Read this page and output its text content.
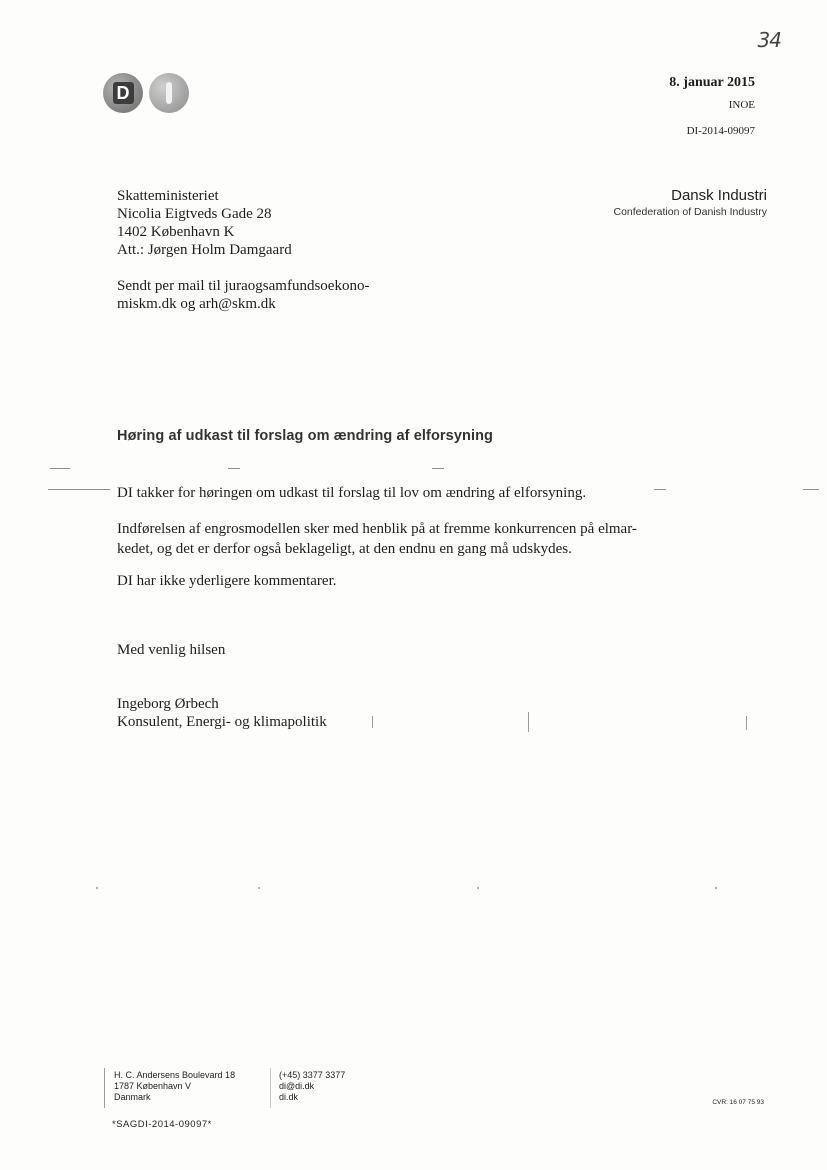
34
D
8. januar 2015
INOE
DI-2014-09097
Skatteministeriet
Nicolia Eigtveds Gade 28
1402 København K
Att.: Jørgen Holm Damgaard
Sendt per mail til juraogsamfundsoekono-
miskm.dk og arh@skm.dk
Dansk Industri
Confederation of Danish Industry
Høring af udkast til forslag om ændring af elforsyning
DI takker for høringen om udkast til forslag til lov om ændring af elforsyning.
Indførelsen af engrosmodellen sker med henblik på at fremme konkurrencen på elmar-
kedet, og det er derfor også beklageligt, at den endnu en gang må udskydes.
DI har ikke yderligere kommentarer.
Med venlig hilsen
Ingeborg Ørbech
Konsulent, Energi- og klimapolitik
H. C. Andersens Boulevard 18
1787 København V
Danmark
(+45) 3377 3377
di@di.dk
di.dk
CVR: 16 07 75 93
*SAGDI-2014-09097*
